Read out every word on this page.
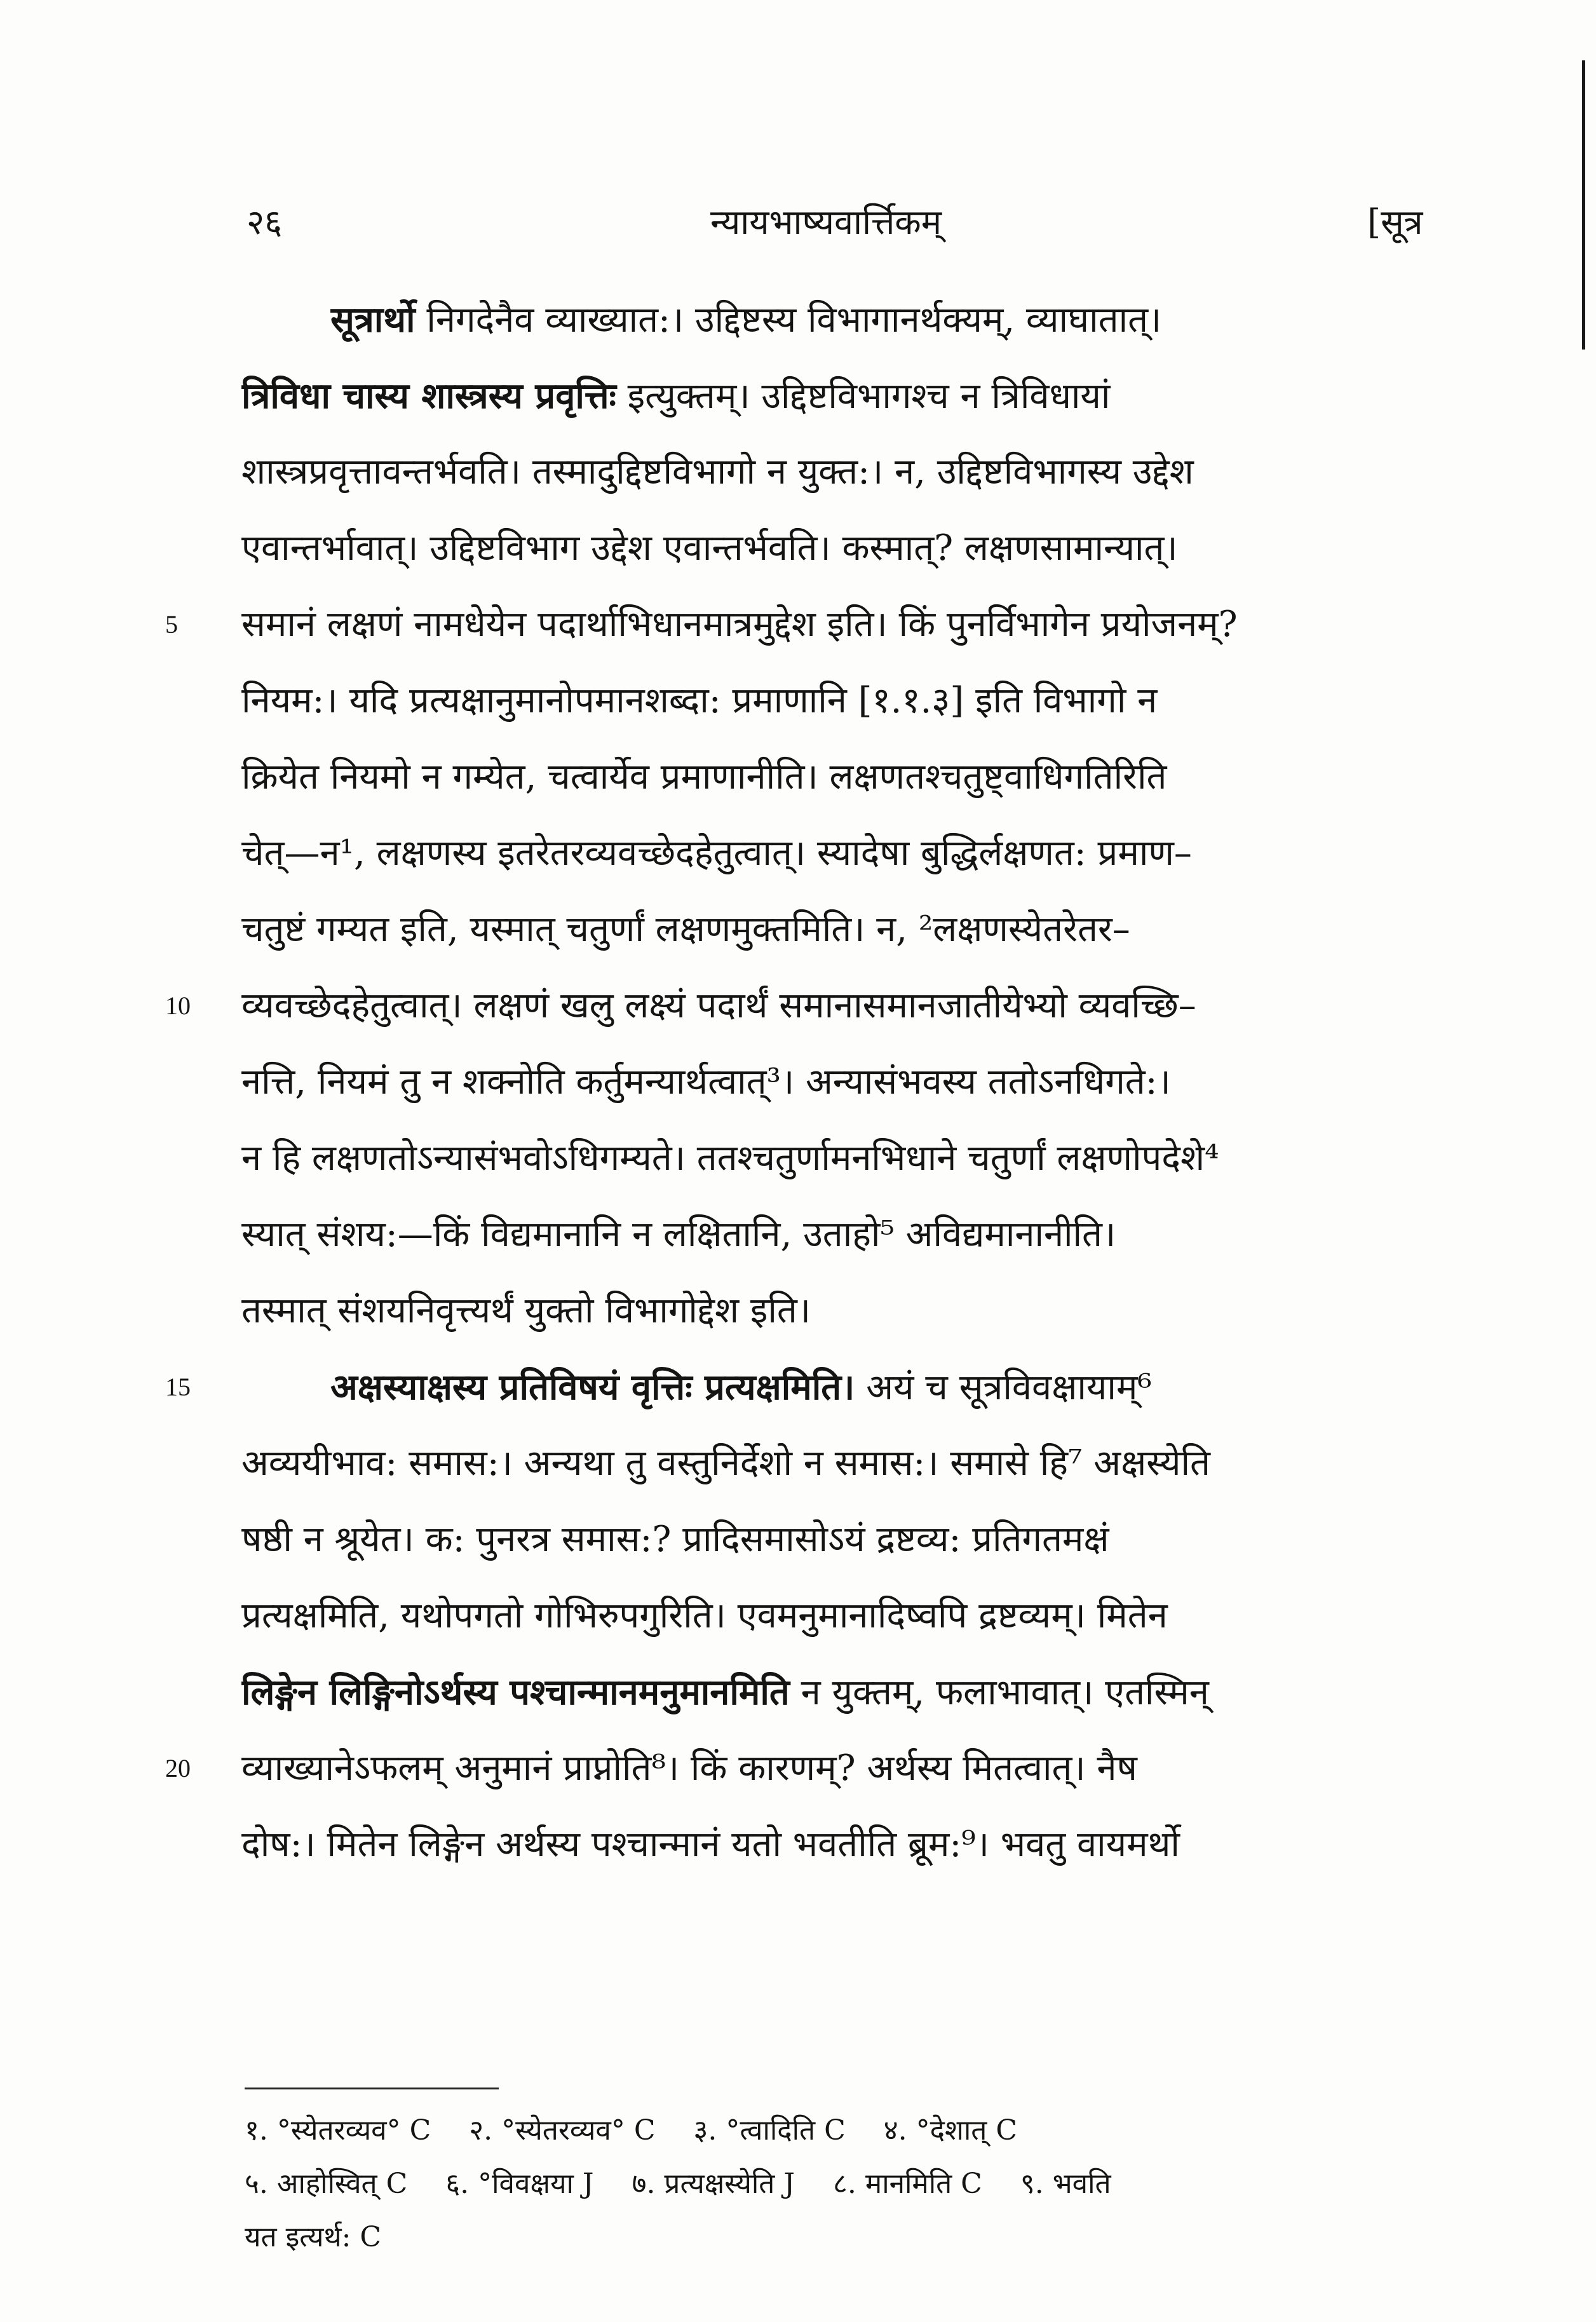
२६	न्यायभाष्यवार्त्तिकम्	[सूत्र
सूत्रार्थो निगदेनैव व्याख्यात:। उद्दिष्टस्य विभागानर्थक्यम्, व्याघातात्।
त्रिविधा चास्य शास्त्रस्य प्रवृत्तिः इत्युक्तम्। उद्दिष्टविभागश्च न त्रिविधायां
शास्त्रप्रवृत्तावन्तर्भवति। तस्मादुद्दिष्टविभागो न युक्त:। न, उद्दिष्टविभागस्य उद्देश
एवान्तर्भावात्। उद्दिष्टविभाग उद्देश एवान्तर्भवति। कस्मात्? लक्षणसामान्यात्।
5	समानं लक्षणं नामधेयेन पदार्थाभिधानमात्रमुद्देश इति। किं पुनर्विभागेन प्रयोजनम्?
नियम:। यदि प्रत्यक्षानुमानोपमानशब्दा: प्रमाणानि [१.१.३] इति विभागो न
क्रियेत नियमो न गम्येत, चत्वार्येव प्रमाणानीति। लक्षणतश्चतुष्ट्वाधिगतिरिति
चेत्—न¹, लक्षणस्य इतरेतरव्यवच्छेदहेतुत्वात्। स्यादेषा बुद्धिर्लक्षणत: प्रमाण–
चतुष्टं गम्यत इति, यस्मात् चतुर्णां लक्षणमुक्तमिति। न, ²लक्षणस्येतरेतर–
10	व्यवच्छेदहेतुत्वात्। लक्षणं खलु लक्ष्यं पदार्थं समानासमानजातीयेभ्यो व्यवच्छि–
नत्ति, नियमं तु न शक्नोति कर्तुमन्यार्थत्वात्³। अन्यासंभवस्य ततोऽनधिगते:।
न हि लक्षणतोऽन्यासंभवोऽधिगम्यते। ततश्चतुर्णामनभिधाने चतुर्णां लक्षणोपदेशे⁴
स्यात् संशय:—किं विद्यमानानि न लक्षितानि, उताहो⁵ अविद्यमानानीति।
तस्मात् संशयनिवृत्त्यर्थं युक्तो विभागोद्देश इति।
15	अक्षस्याक्षस्य प्रतिविषयं वृत्तिः प्रत्यक्षमिति। अयं च सूत्रविवक्षायाम्⁶
अव्ययीभाव: समास:। अन्यथा तु वस्तुनिर्देशो न समास:। समासे हि⁷ अक्षस्येति
षष्ठी न श्रूयेत। क: पुनरत्र समास:? प्रादिसमासोऽयं द्रष्टव्य: प्रतिगतमक्षं
प्रत्यक्षमिति, यथोपगतो गोभिरुपगुरिति। एवमनुमानादिष्वपि द्रष्टव्यम्। मितेन
लिङ्गेन लिङ्गिनोऽर्थस्य पश्चान्मानमनुमानमिति न युक्तम्, फलाभावात्। एतस्मिन्
20	व्याख्यानेऽफलम् अनुमानं प्राप्नोति⁸। किं कारणम्? अर्थस्य मितत्वात्। नैष
दोष:। मितेन लिङ्गेन अर्थस्य पश्चान्मानं यतो भवतीति ब्रूम:⁹। भवतु वायमर्थो
१. °स्येतरव्यव° C २. °स्येतरव्यव° C ३. °त्वादिति C ४. °देशात् C
५. आहोस्वित् C ६. °विवक्षया J ७. प्रत्यक्षस्येति J ८. मानमिति C ९. भवति
यत इत्यर्थ: C
